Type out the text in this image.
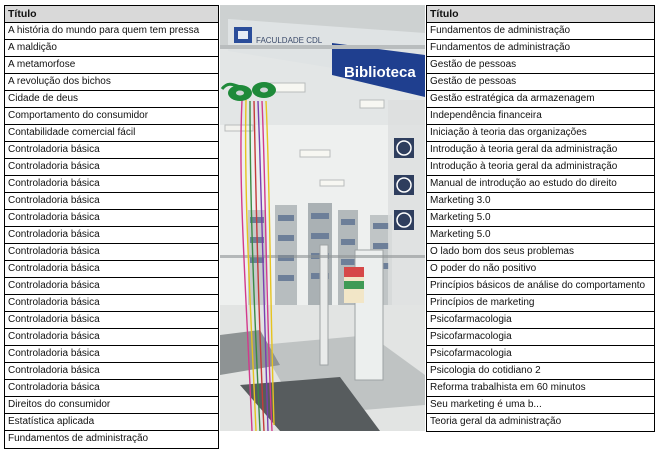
Título
A história do mundo para quem tem pressa
A maldição
A metamorfose
A revolução dos bichos
Cidade de deus
Comportamento do consumidor
Contabilidade comercial fácil
Controladoria básica
Controladoria básica
Controladoria básica
Controladoria básica
Controladoria básica
Controladoria básica
Controladoria básica
Controladoria básica
Controladoria básica
Controladoria básica
Controladoria básica
Controladoria básica
Controladoria básica
Controladoria básica
Controladoria básica
Direitos do consumidor
Estatística aplicada
Fundamentos de administração
FACULDADE CDL
Biblioteca
Título
Fundamentos de administração
Fundamentos de administração
Gestão de pessoas
Gestão de pessoas
Gestão estratégica da armazenagem
Independência financeira
Iniciação à teoria das organizações
Introdução à teoria geral da administração
Introdução à teoria geral da administração
Manual de introdução ao estudo do direito
Marketing 3.0
Marketing 5.0
Marketing 5.0
O lado bom dos seus problemas
O poder do não positivo
Princípios básicos de análise do comportamento
Princípios de marketing
Psicofarmacologia
Psicofarmacologia
Psicofarmacologia
Psicologia do cotidiano 2
Reforma trabalhista em 60 minutos
Seu marketing é uma b...
Teoria geral da administração
